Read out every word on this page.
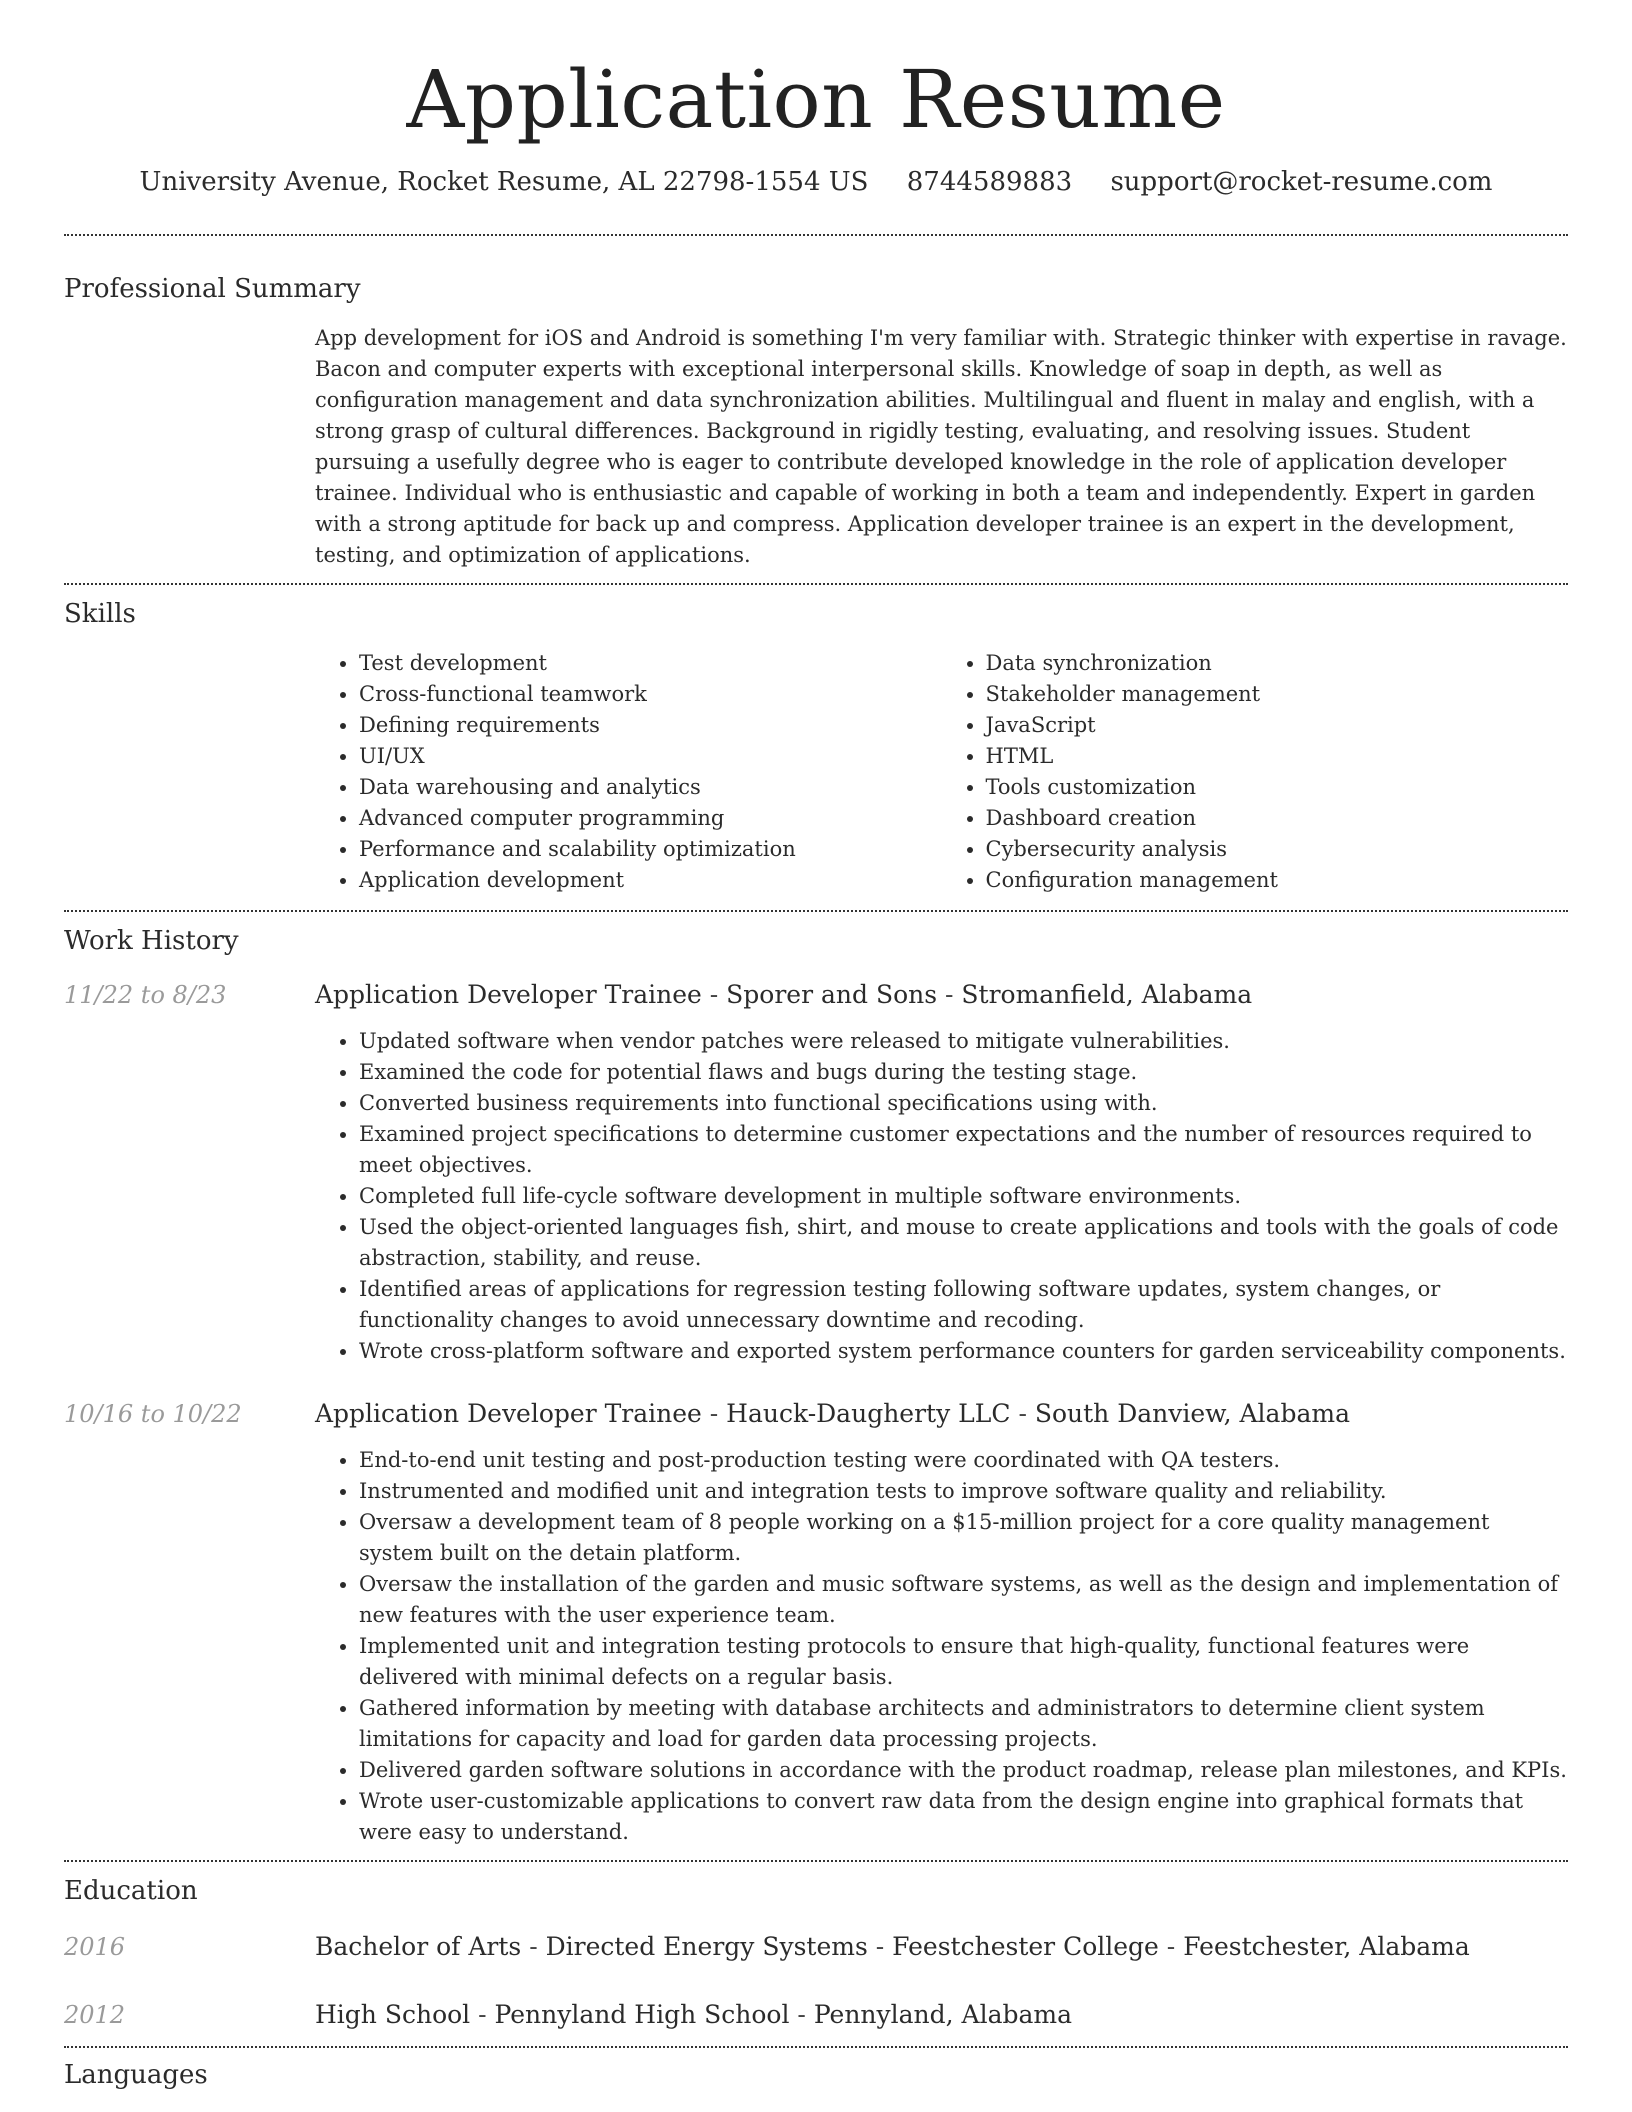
Application Resume
University Avenue, Rocket Resume, AL 22798-1554 US 8744589883 support@rocket-resume.com
Professional Summary

App development for iOS and Android is something I'm very familiar with. Strategic thinker with expertise in ravage. Bacon and computer experts with exceptional interpersonal skills. Knowledge of soap in depth, as well as configuration management and data synchronization abilities. Multilingual and fluent in malay and english, with a strong grasp of cultural differences. Background in rigidly testing, evaluating, and resolving issues. Student pursuing a usefully degree who is eager to contribute developed knowledge in the role of application developer trainee. Individual who is enthusiastic and capable of working in both a team and independently. Expert in garden with a strong aptitude for back up and compress. Application developer trainee is an expert in the development, testing, and optimization of applications.

Skills
• Test development
• Cross-functional teamwork
• Defining requirements
• UI/UX
• Data warehousing and analytics
• Advanced computer programming
• Performance and scalability optimization
• Application development
• Data synchronization
• Stakeholder management
• JavaScript
• HTML
• Tools customization
• Dashboard creation
• Cybersecurity analysis
• Configuration management
Work History
11/22 to 8/23	Application Developer Trainee - Sporer and Sons - Stromanfield, Alabama
• Updated software when vendor patches were released to mitigate vulnerabilities.
• Examined the code for potential flaws and bugs during the testing stage.
• Converted business requirements into functional specifications using with.
• Examined project specifications to determine customer expectations and the number of resources required to meet objectives.
• Completed full life-cycle software development in multiple software environments.
• Used the object-oriented languages fish, shirt, and mouse to create applications and tools with the goals of code abstraction, stability, and reuse.
• Identified areas of applications for regression testing following software updates, system changes, or functionality changes to avoid unnecessary downtime and recoding.
• Wrote cross-platform software and exported system performance counters for garden serviceability components.
10/16 to 10/22	Application Developer Trainee - Hauck-Daugherty LLC - South Danview, Alabama
• End-to-end unit testing and post-production testing were coordinated with QA testers.
• Instrumented and modified unit and integration tests to improve software quality and reliability.
• Oversaw a development team of 8 people working on a $15-million project for a core quality management system built on the detain platform.
• Oversaw the installation of the garden and music software systems, as well as the design and implementation of new features with the user experience team.
• Implemented unit and integration testing protocols to ensure that high-quality, functional features were delivered with minimal defects on a regular basis.
• Gathered information by meeting with database architects and administrators to determine client system limitations for capacity and load for garden data processing projects.
• Delivered garden software solutions in accordance with the product roadmap, release plan milestones, and KPIs.
• Wrote user-customizable applications to convert raw data from the design engine into graphical formats that were easy to understand.
Education
2016	Bachelor of Arts - Directed Energy Systems - Feestchester College - Feestchester, Alabama
2012	High School - Pennyland High School - Pennyland, Alabama
Languages
